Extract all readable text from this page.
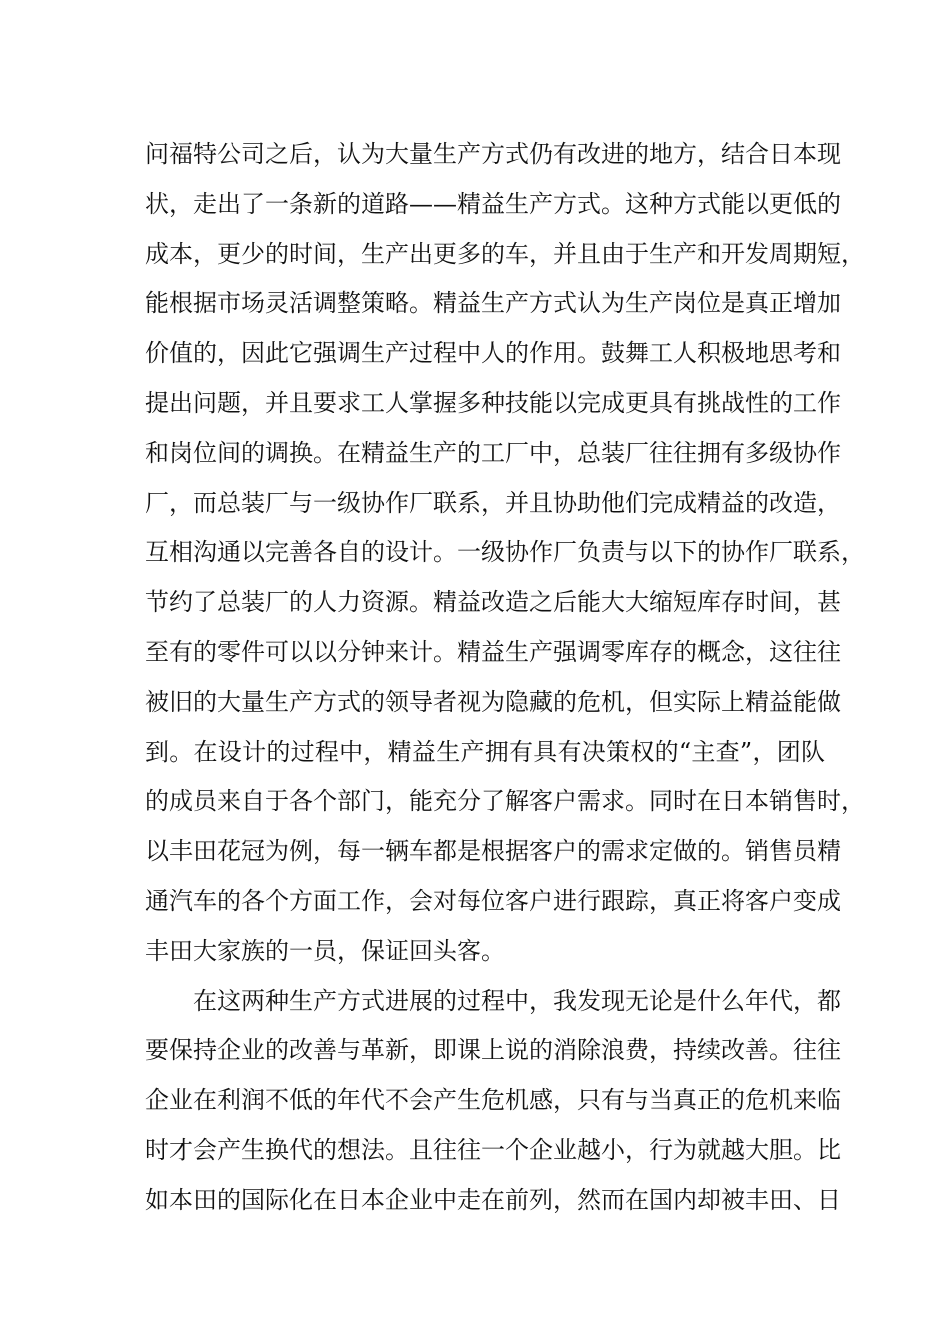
问福特公司之后，认为大量生产方式仍有改进的地方，结合日本现
状，走出了一条新的道路——精益生产方式。这种方式能以更低的
成本，更少的时间，生产出更多的车，并且由于生产和开发周期短，
能根据市场灵活调整策略。精益生产方式认为生产岗位是真正增加
价值的，因此它强调生产过程中人的作用。鼓舞工人积极地思考和
提出问题，并且要求工人掌握多种技能以完成更具有挑战性的工作
和岗位间的调换。在精益生产的工厂中，总装厂往往拥有多级协作
厂，而总装厂与一级协作厂联系，并且协助他们完成精益的改造，
互相沟通以完善各自的设计。一级协作厂负责与以下的协作厂联系，
节约了总装厂的人力资源。精益改造之后能大大缩短库存时间，甚
至有的零件可以以分钟来计。精益生产强调零库存的概念，这往往
被旧的大量生产方式的领导者视为隐藏的危机，但实际上精益能做
到。在设计的过程中，精益生产拥有具有决策权的“主查”，团队
的成员来自于各个部门，能充分了解客户需求。同时在日本销售时，
以丰田花冠为例，每一辆车都是根据客户的需求定做的。销售员精
通汽车的各个方面工作，会对每位客户进行跟踪，真正将客户变成
丰田大家族的一员，保证回头客。
在这两种生产方式进展的过程中，我发现无论是什么年代，都
要保持企业的改善与革新，即课上说的消除浪费，持续改善。往往
企业在利润不低的年代不会产生危机感，只有与当真正的危机来临
时才会产生换代的想法。且往往一个企业越小，行为就越大胆。比
如本田的国际化在日本企业中走在前列，然而在国内却被丰田、日
